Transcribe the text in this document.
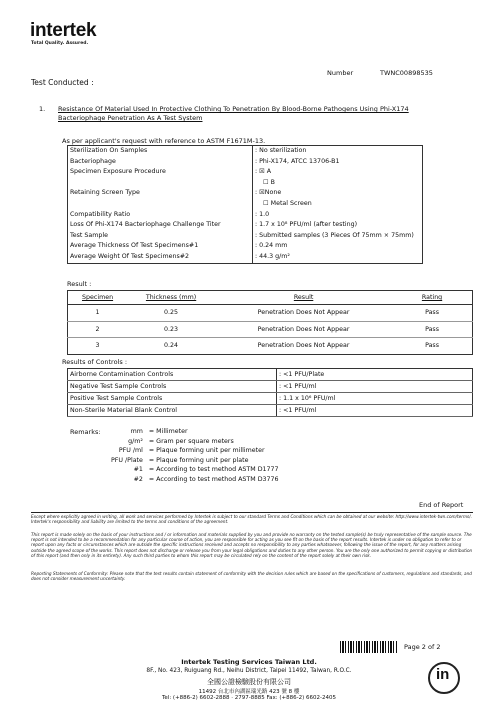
intertek
Total Quality. Assured.
Number	TWNC00898535
Test Conducted :
1. Resistance Of Material Used In Protective Clothing To Penetration By Blood-Borne Pathogens Using Phi-X174
Bacteriophage Penetration As A Test System
As per applicant's request with reference to ASTM F1671M-13.
Sterilization On Samples	: No sterilization
Bacteriophage	: Phi-X174, ATCC 13706-B1
Specimen Exposure Procedure	: ☒ A
	☐ B
Retaining Screen Type	: ☒None
	☐ Metal Screen
Compatibility Ratio	: 1.0
Loss Of Phi-X174 Bacteriophage Challenge Titer	: 1.7 x 10⁸ PFU/ml (after testing)
Test Sample	: Submitted samples (3 Pieces Of 75mm × 75mm)
Average Thickness Of Test Specimens#1	: 0.24 mm
Average Weight Of Test Specimens#2	: 44.3 g/m²
Result :
Specimen	Thickness (mm)	Result	Rating
1	0.25	Penetration Does Not Appear	Pass
2	0.23	Penetration Does Not Appear	Pass
3	0.24	Penetration Does Not Appear	Pass
Results of Controls :
Airborne Contamination Controls	: <1 PFU/Plate
Negative Test Sample Controls	: <1 PFU/ml
Positive Test Sample Controls	: 1.1 x 10⁶ PFU/ml
Non-Sterile Material Blank Control	: <1 PFU/ml
Remarks:	mm	= Millimeter
g/m²	= Gram per square meters
PFU /ml	= Plaque forming unit per millimeter
PFU /Plate	= Plaque forming unit per plate
#1	= According to test method ASTM D1777
#2	= According to test method ASTM D3776
End of Report
Except where explicitly agreed in writing, all work and services performed by Intertek is subject to our standard Terms and Conditions which can be obtained at our website: http://www.intertek-twn.com/terms/. Intertek's responsibility and liability are limited to the terms and conditions of the agreement.
This report is made solely on the basis of your instructions and / or information and materials supplied by you and provide no warranty on the tested sample(s) be truly representative of the sample source. The report is not intended to be a recommendation for any particular course of action, you are responsible for acting as you see fit on the basis of the report results. Intertek is under no obligation to refer to or report upon any facts or circumstances which are outside the specific instructions received and accepts no responsibility to any parties whatsoever, following the issue of the report, for any matters arising outside the agreed scope of the works. This report does not discharge or release you from your legal obligations and duties to any other person. You are the only one authorized to permit copying or distribution of this report (and then only in its entirety). Any such third parties to whom this report may be circulated rely on the content of the report solely at their own risk.
Reporting Statements of Conformity: Please note that the test results contain statement of conformity with the decision rules which are based on the specifications of customers, regulations and standards, and does not consider measurement uncertainty.
Page 2 of 2
Intertek Testing Services Taiwan Ltd.
8F., No. 423, Ruiguang Rd., Neihu District, Taipei 11492, Taiwan, R.O.C.
全國公證檢驗股份有限公司
11492 台北市內湖區瑞光路 423 號 8 樓
Tel: (+886-2) 6602-2888 · 2797-8885 Fax: (+886-2) 6602-2405
in
